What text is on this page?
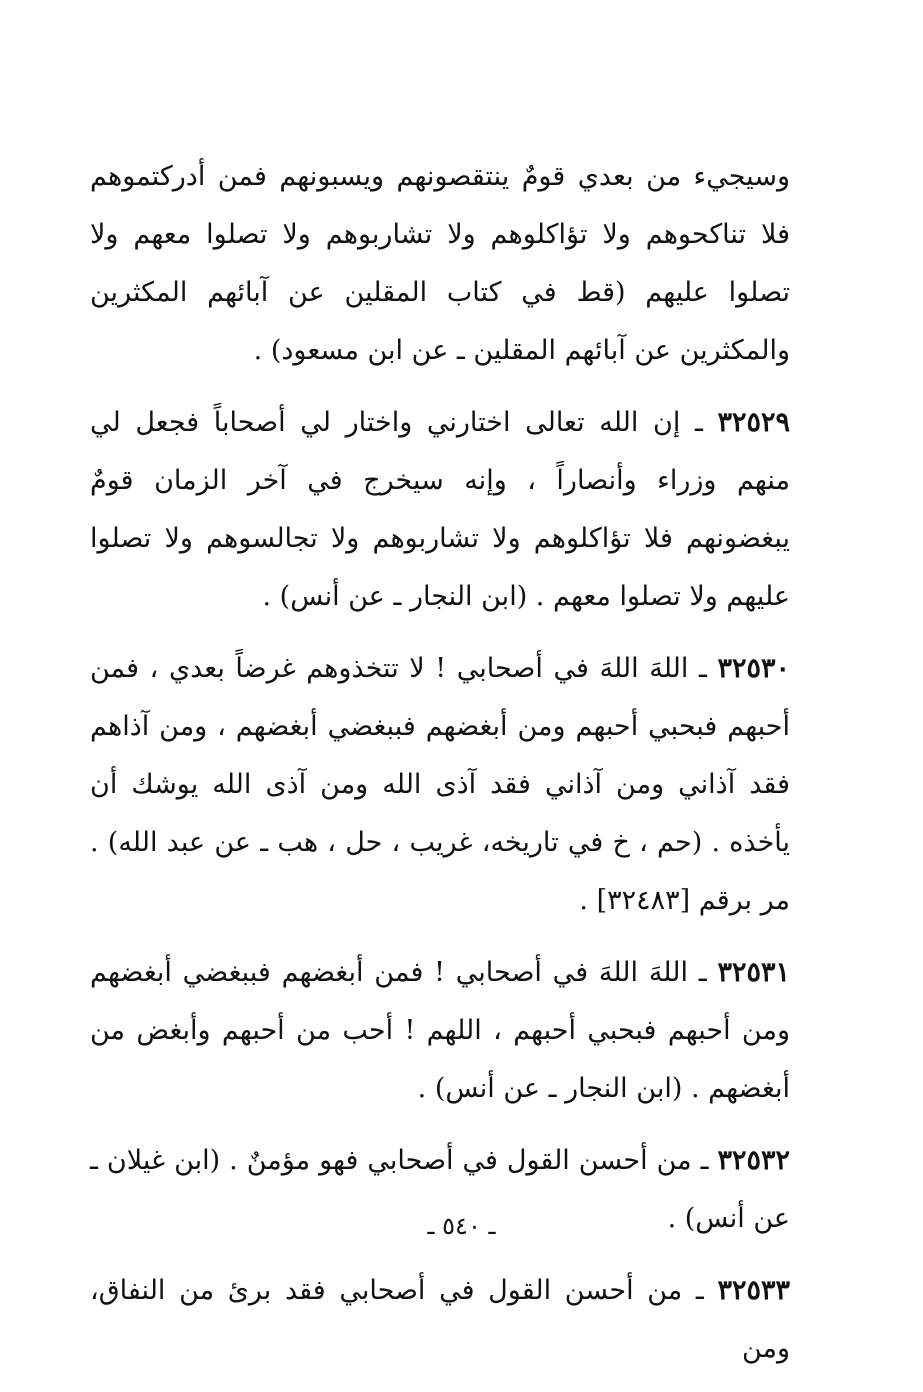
وسيجيء من بعدي قومٌ ينتقصونهم ويسبونهم فمن أدركتموهم فلا تناكحوهم ولا تؤاكلوهم ولا تشاربوهم ولا تصلوا معهم ولا تصلوا عليهم (قط في كتاب المقلين عن آبائهم المكثرين والمكثرين عن آبائهم المقلين ـ عن ابن مسعود) .

٣٢٥٢٩ ـ إن الله تعالى اختارني واختار لي أصحاباً فجعل لي منهم وزراء وأنصاراً ، وإنه سيخرج في آخر الزمان قومٌ يبغضونهم فلا تؤاكلوهم ولا تشاربوهم ولا تجالسوهم ولا تصلوا عليهم ولا تصلوا معهم . (ابن النجار ـ عن أنس) .

٣٢٥٣٠ ـ اللهَ اللهَ في أصحابي ! لا تتخذوهم غرضاً بعدي ، فمن أحبهم فبحبي أحبهم ومن أبغضهم فببغضي أبغضهم ، ومن آذاهم فقد آذاني ومن آذاني فقد آذى الله ومن آذى الله يوشك أن يأخذه . (حم ، خ في تاريخه، غريب ، حل ، هب ـ عن عبد الله) . مر برقم [٣٢٤٨٣] .

٣٢٥٣١ ـ اللهَ اللهَ في أصحابي ! فمن أبغضهم فببغضي أبغضهم ومن أحبهم فبحبي أحبهم ، اللهم ! أحب من أحبهم وأبغض من أبغضهم . (ابن النجار ـ عن أنس) .

٣٢٥٣٢ ـ من أحسن القول في أصحابي فهو مؤمنٌ . (ابن غيلان ـ عن أنس) .

٣٢٥٣٣ ـ من أحسن القول في أصحابي فقد برئ من النفاق، ومن

ـ ٥٤٠ ـ
